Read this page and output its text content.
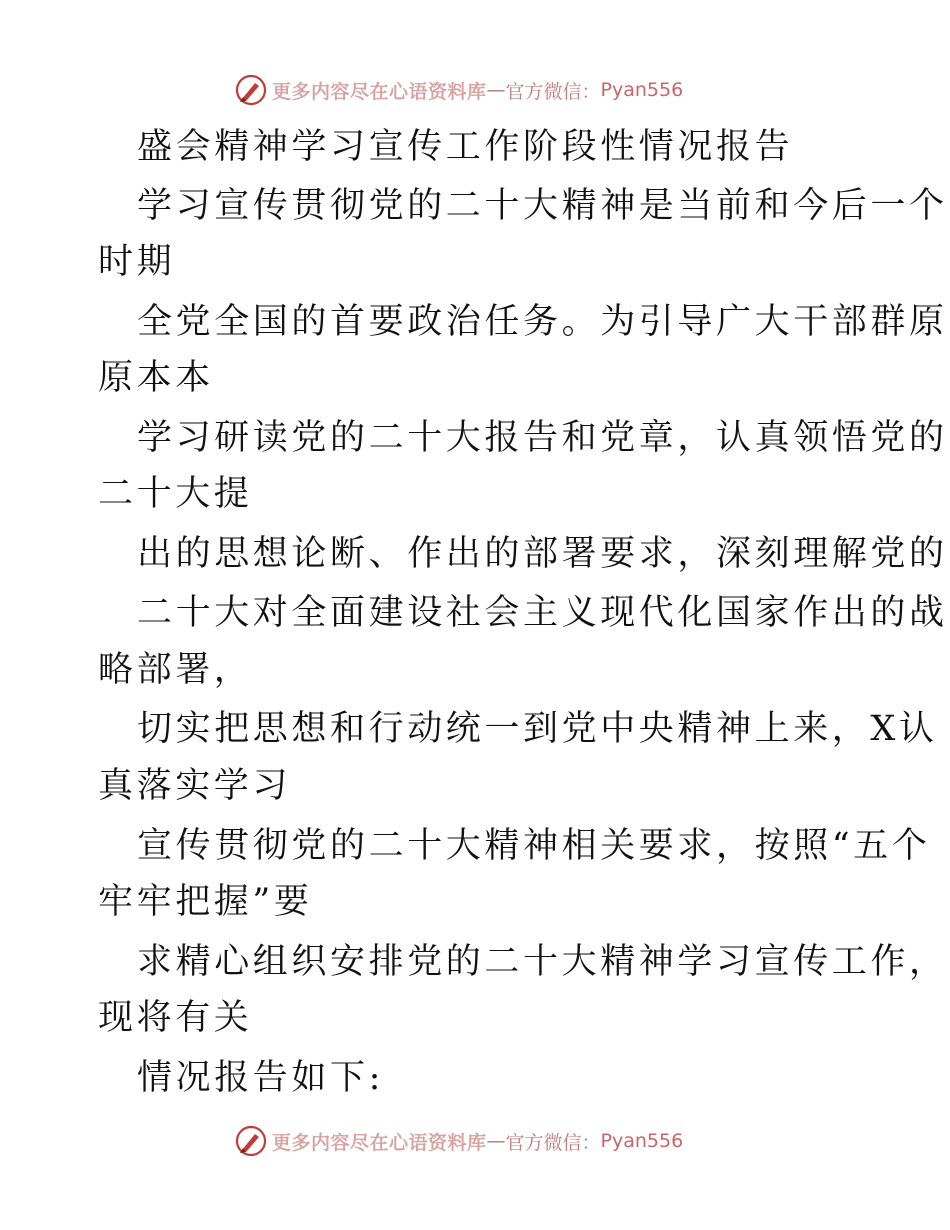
更多内容尽在心语资料库 — 官方微信： Pyan556
盛会精神学习宣传工作阶段性情况报告
学习宣传贯彻党的二十大精神是当前和今后一个
时期
全党全国的首要政治任务。为引导广大干部群原
原本本
学习研读党的二十大报告和党章，认真领悟党的
二十大提
出的思想论断、作出的部署要求，深刻理解党的
二十大对全面建设社会主义现代化国家作出的战
略部署，
切实把思想和行动统一到党中央精神上来，X认
真落实学习
宣传贯彻党的二十大精神相关要求，按照“五个
牢牢把握”要
求精心组织安排党的二十大精神学习宣传工作，
现将有关
情况报告如下:
更多内容尽在心语资料库 — 官方微信： Pyan556
